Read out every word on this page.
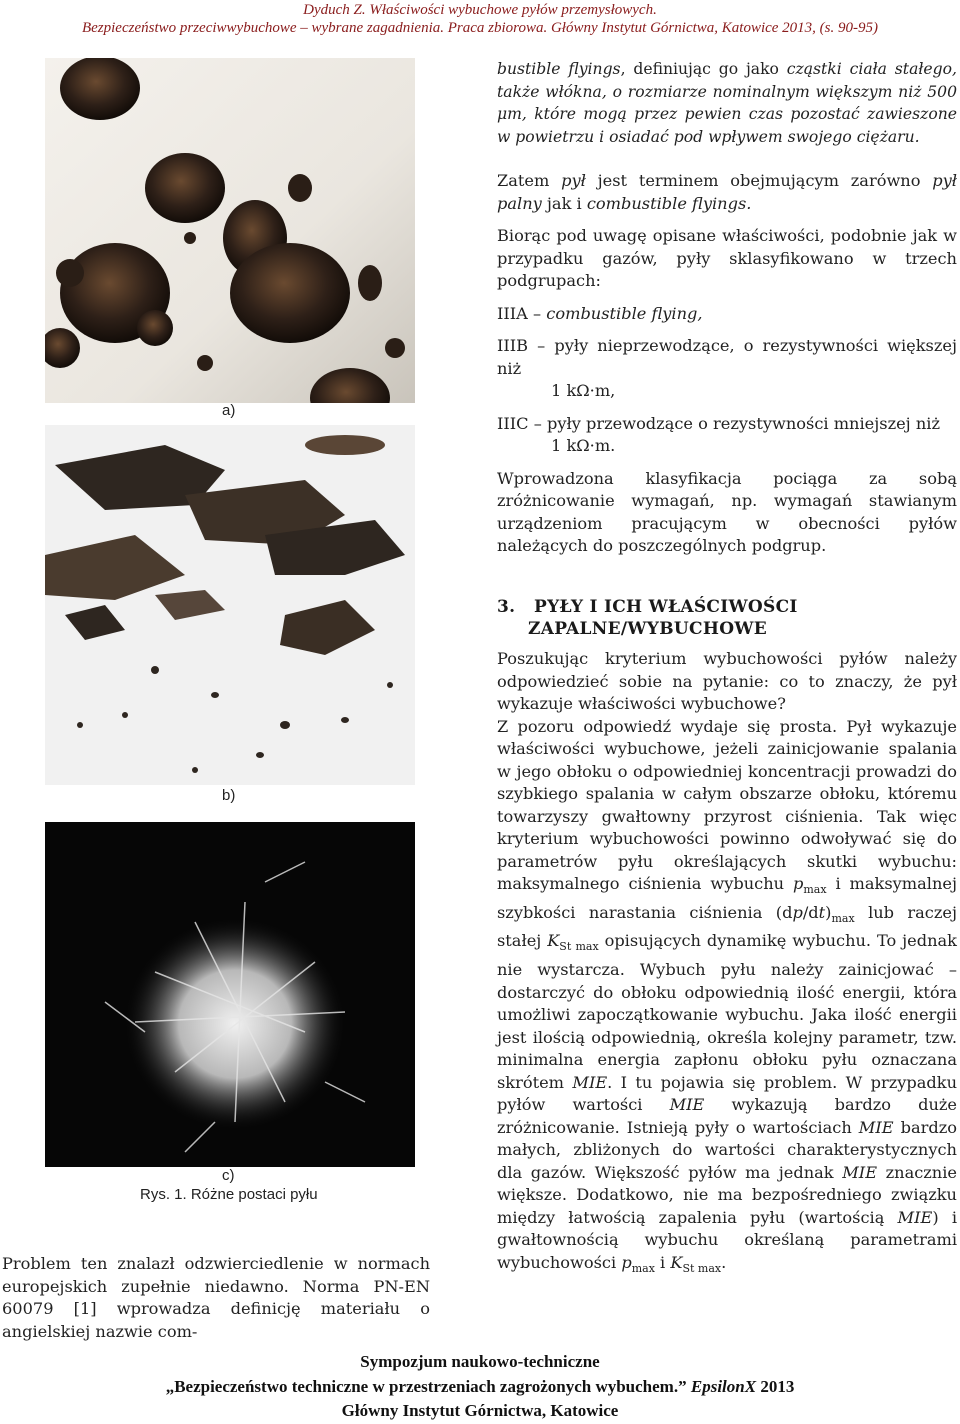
Dyduch Z. Właściwości wybuchowe pyłów przemysłowych.
Bezpieczeństwo przeciwwybuchowe – wybrane zagadnienia. Praca zbiorowa. Główny Instytut Górnictwa, Katowice 2013, (s. 90-95)
a)
b)
c)
Rys. 1. Różne postaci pyłu

Problem ten znalazł odzwierciedlenie w normach europejskich zupełnie niedawno. Norma PN-EN 60079 [1] wprowadza definicję materiału o angielskiej nazwie com-

bustible flyings, definiując go jako cząstki ciała stałego, także włókna, o rozmiarze nominalnym większym niż 500 μm, które mogą przez pewien czas pozostać zawieszone w powietrzu i osiadać pod wpływem swojego ciężaru.

Zatem pył jest terminem obejmującym zarówno pył palny jak i combustible flyings.

Biorąc pod uwagę opisane właściwości, podobnie jak w przypadku gazów, pyły sklasyfikowano w trzech podgrupach:

IIIA – combustible flying,

IIIB – pyły nieprzewodzące, o rezystywności większej niż

1 kΩ·m,

IIIC – pyły przewodzące o rezystywności mniejszej niż

1 kΩ·m.

Wprowadzona klasyfikacja pociąga za sobą zróżnicowanie wymagań, np. wymagań stawianym urządzeniom pracującym w obecności pyłów należących do poszczególnych podgrup.

3. PYŁY I ICH WŁAŚCIWOŚCI
ZAPALNE/WYBUCHOWE

Poszukując kryterium wybuchowości pyłów należy odpowiedzieć sobie na pytanie: co to znaczy, że pył wykazuje właściwości wybuchowe?

Z pozoru odpowiedź wydaje się prosta. Pył wykazuje właściwości wybuchowe, jeżeli zainicjowanie spalania w jego obłoku o odpowiedniej koncentracji prowadzi do szybkiego spalania w całym obszarze obłoku, któremu towarzyszy gwałtowny przyrost ciśnienia. Tak więc kryterium wybuchowości powinno odwoływać się do parametrów pyłu określających skutki wybuchu: maksymalnego ciśnienia wybuchu $p_{max}$ i maksymalnej szybkości narastania ciśnienia $(dp/dt)_{max}$ lub raczej stałej $K_{St max}$ opisujących dynamikę wybuchu. To jednak nie wystarcza. Wybuch pyłu należy zainicjować – dostarczyć do obłoku odpowiednią ilość energii, która umożliwi zapoczątkowanie wybuchu. Jaka ilość energii jest ilością odpowiednią, określa kolejny parametr, tzw. minimalna energia zapłonu obłoku pyłu oznaczana skrótem MIE. I tu pojawia się problem. W przypadku pyłów wartości MIE wykazują bardzo duże zróżnicowanie. Istnieją pyły o wartościach MIE bardzo małych, zbliżonych do wartości charakterystycznych dla gazów. Większość pyłów ma jednak MIE znacznie większe. Dodatkowo, nie ma bezpośredniego związku między łatwością zapalenia pyłu (wartością MIE) i gwałtownością wybuchu określaną parametrami wybuchowości $p_{max}$ i $K_{St max}$.

Sympozjum naukowo-techniczne
„Bezpieczeństwo techniczne w przestrzeniach zagrożonych wybuchem.” EpsilonX 2013
Główny Instytut Górnictwa, Katowice
